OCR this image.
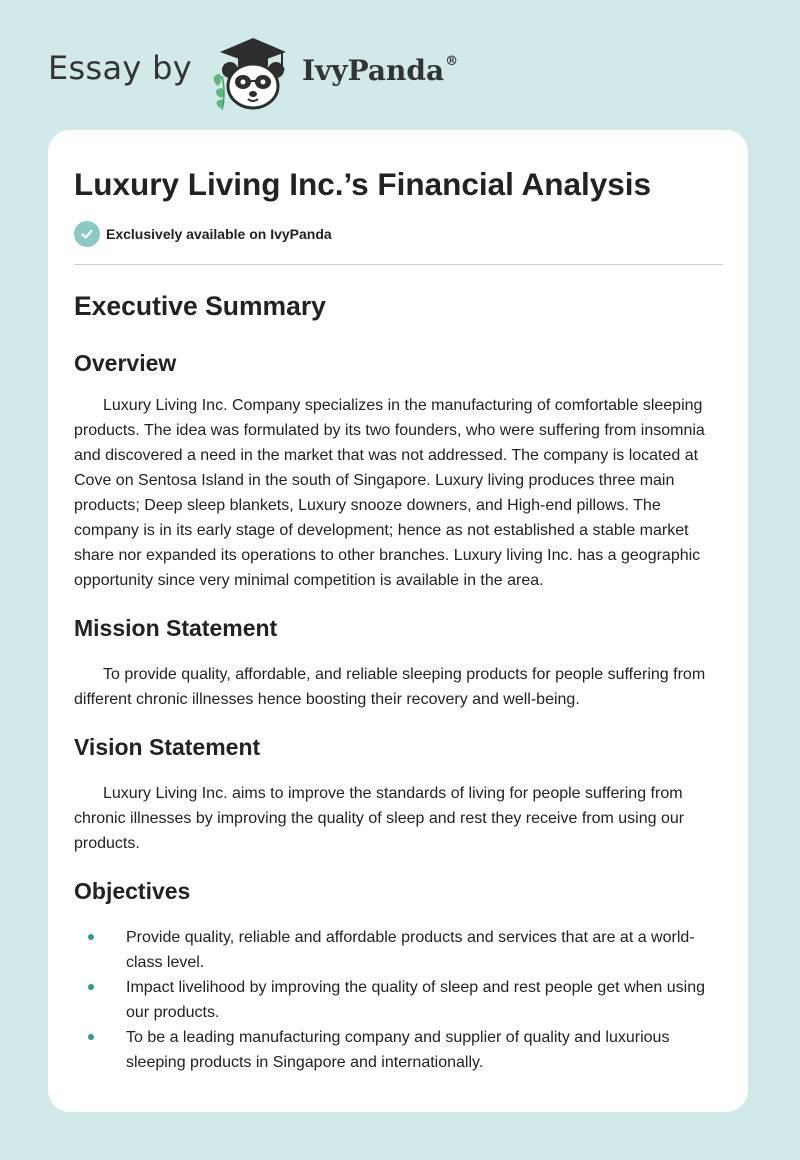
Essay by	IvyPanda®
Luxury Living Inc.’s Financial Analysis
Exclusively available on IvyPanda
Executive Summary
Overview

Luxury Living Inc. Company specializes in the manufacturing of comfortable sleeping products. The idea was formulated by its two founders, who were suffering from insomnia and discovered a need in the market that was not addressed. The company is located at Cove on Sentosa Island in the south of Singapore. Luxury living produces three main products; Deep sleep blankets, Luxury snooze downers, and High-end pillows. The company is in its early stage of development; hence as not established a stable market share nor expanded its operations to other branches. Luxury living Inc. has a geographic opportunity since very minimal competition is available in the area.

Mission Statement

To provide quality, affordable, and reliable sleeping products for people suffering from different chronic illnesses hence boosting their recovery and well-being.

Vision Statement

Luxury Living Inc. aims to improve the standards of living for people suffering from chronic illnesses by improving the quality of sleep and rest they receive from using our products.

Objectives
Provide quality, reliable and affordable products and services that are at a world-class level.
Impact livelihood by improving the quality of sleep and rest people get when using our products.
To be a leading manufacturing company and supplier of quality and luxurious sleeping products in Singapore and internationally.
